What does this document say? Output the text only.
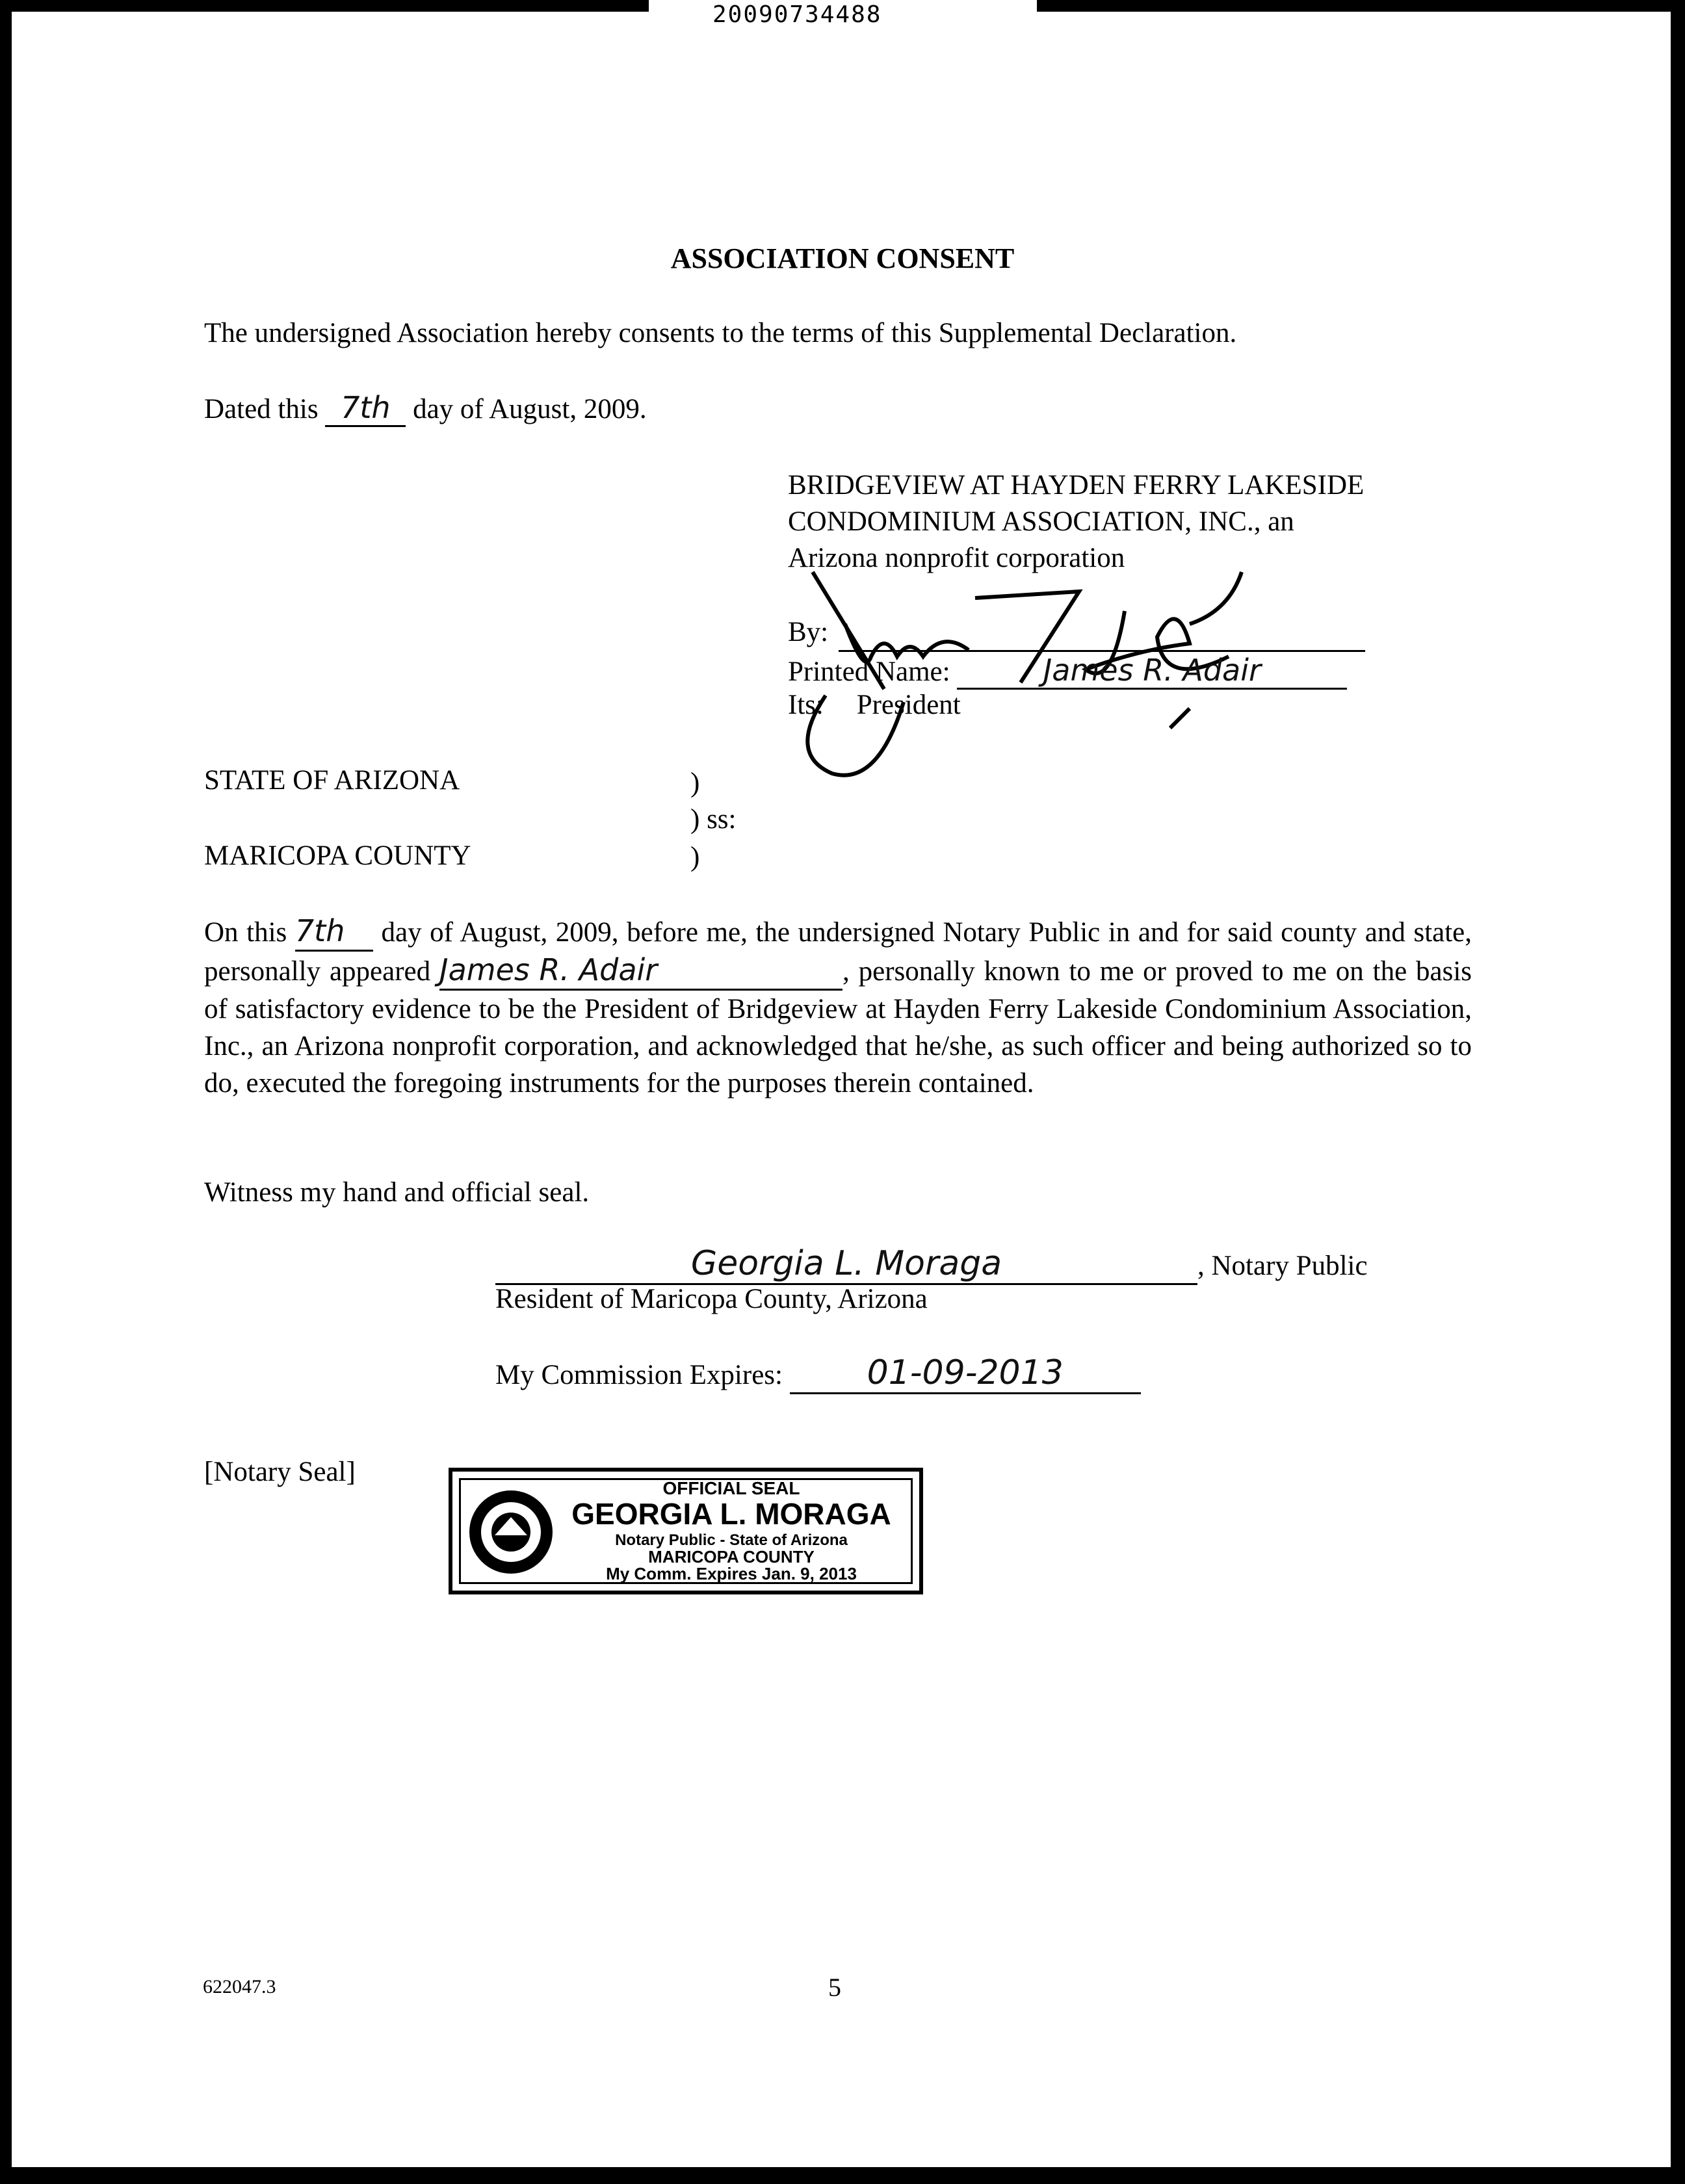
20090734488
ASSOCIATION CONSENT
The undersigned Association hereby consents to the terms of this Supplemental Declaration.
Dated this 7th day of August, 2009.
BRIDGEVIEW AT HAYDEN FERRY LAKESIDE
CONDOMINIUM ASSOCIATION, INC., an
Arizona nonprofit corporation
By:
Printed Name:	James R. Adair
Its: President
STATE OF ARIZONA
MARICOPA COUNTY
)
) ss:
)
On this 7th day of August, 2009, before me, the undersigned Notary Public in and for said county and state, personally appeared James R. Adair	, personally known to me or proved to me on the basis of satisfactory evidence to be the President of Bridgeview at Hayden Ferry Lakeside Condominium Association, Inc., an Arizona nonprofit corporation, and acknowledged that he/she, as such officer and being authorized so to do, executed the foregoing instruments for the purposes therein contained.
Witness my hand and official seal.
Georgia L. Moraga	, Notary Public
Resident of Maricopa County, Arizona
My Commission Expires: 01-09-2013
[Notary Seal]
OFFICIAL SEAL
GEORGIA L. MORAGA
Notary Public - State of Arizona
MARICOPA COUNTY
My Comm. Expires Jan. 9, 2013
622047.3	5
